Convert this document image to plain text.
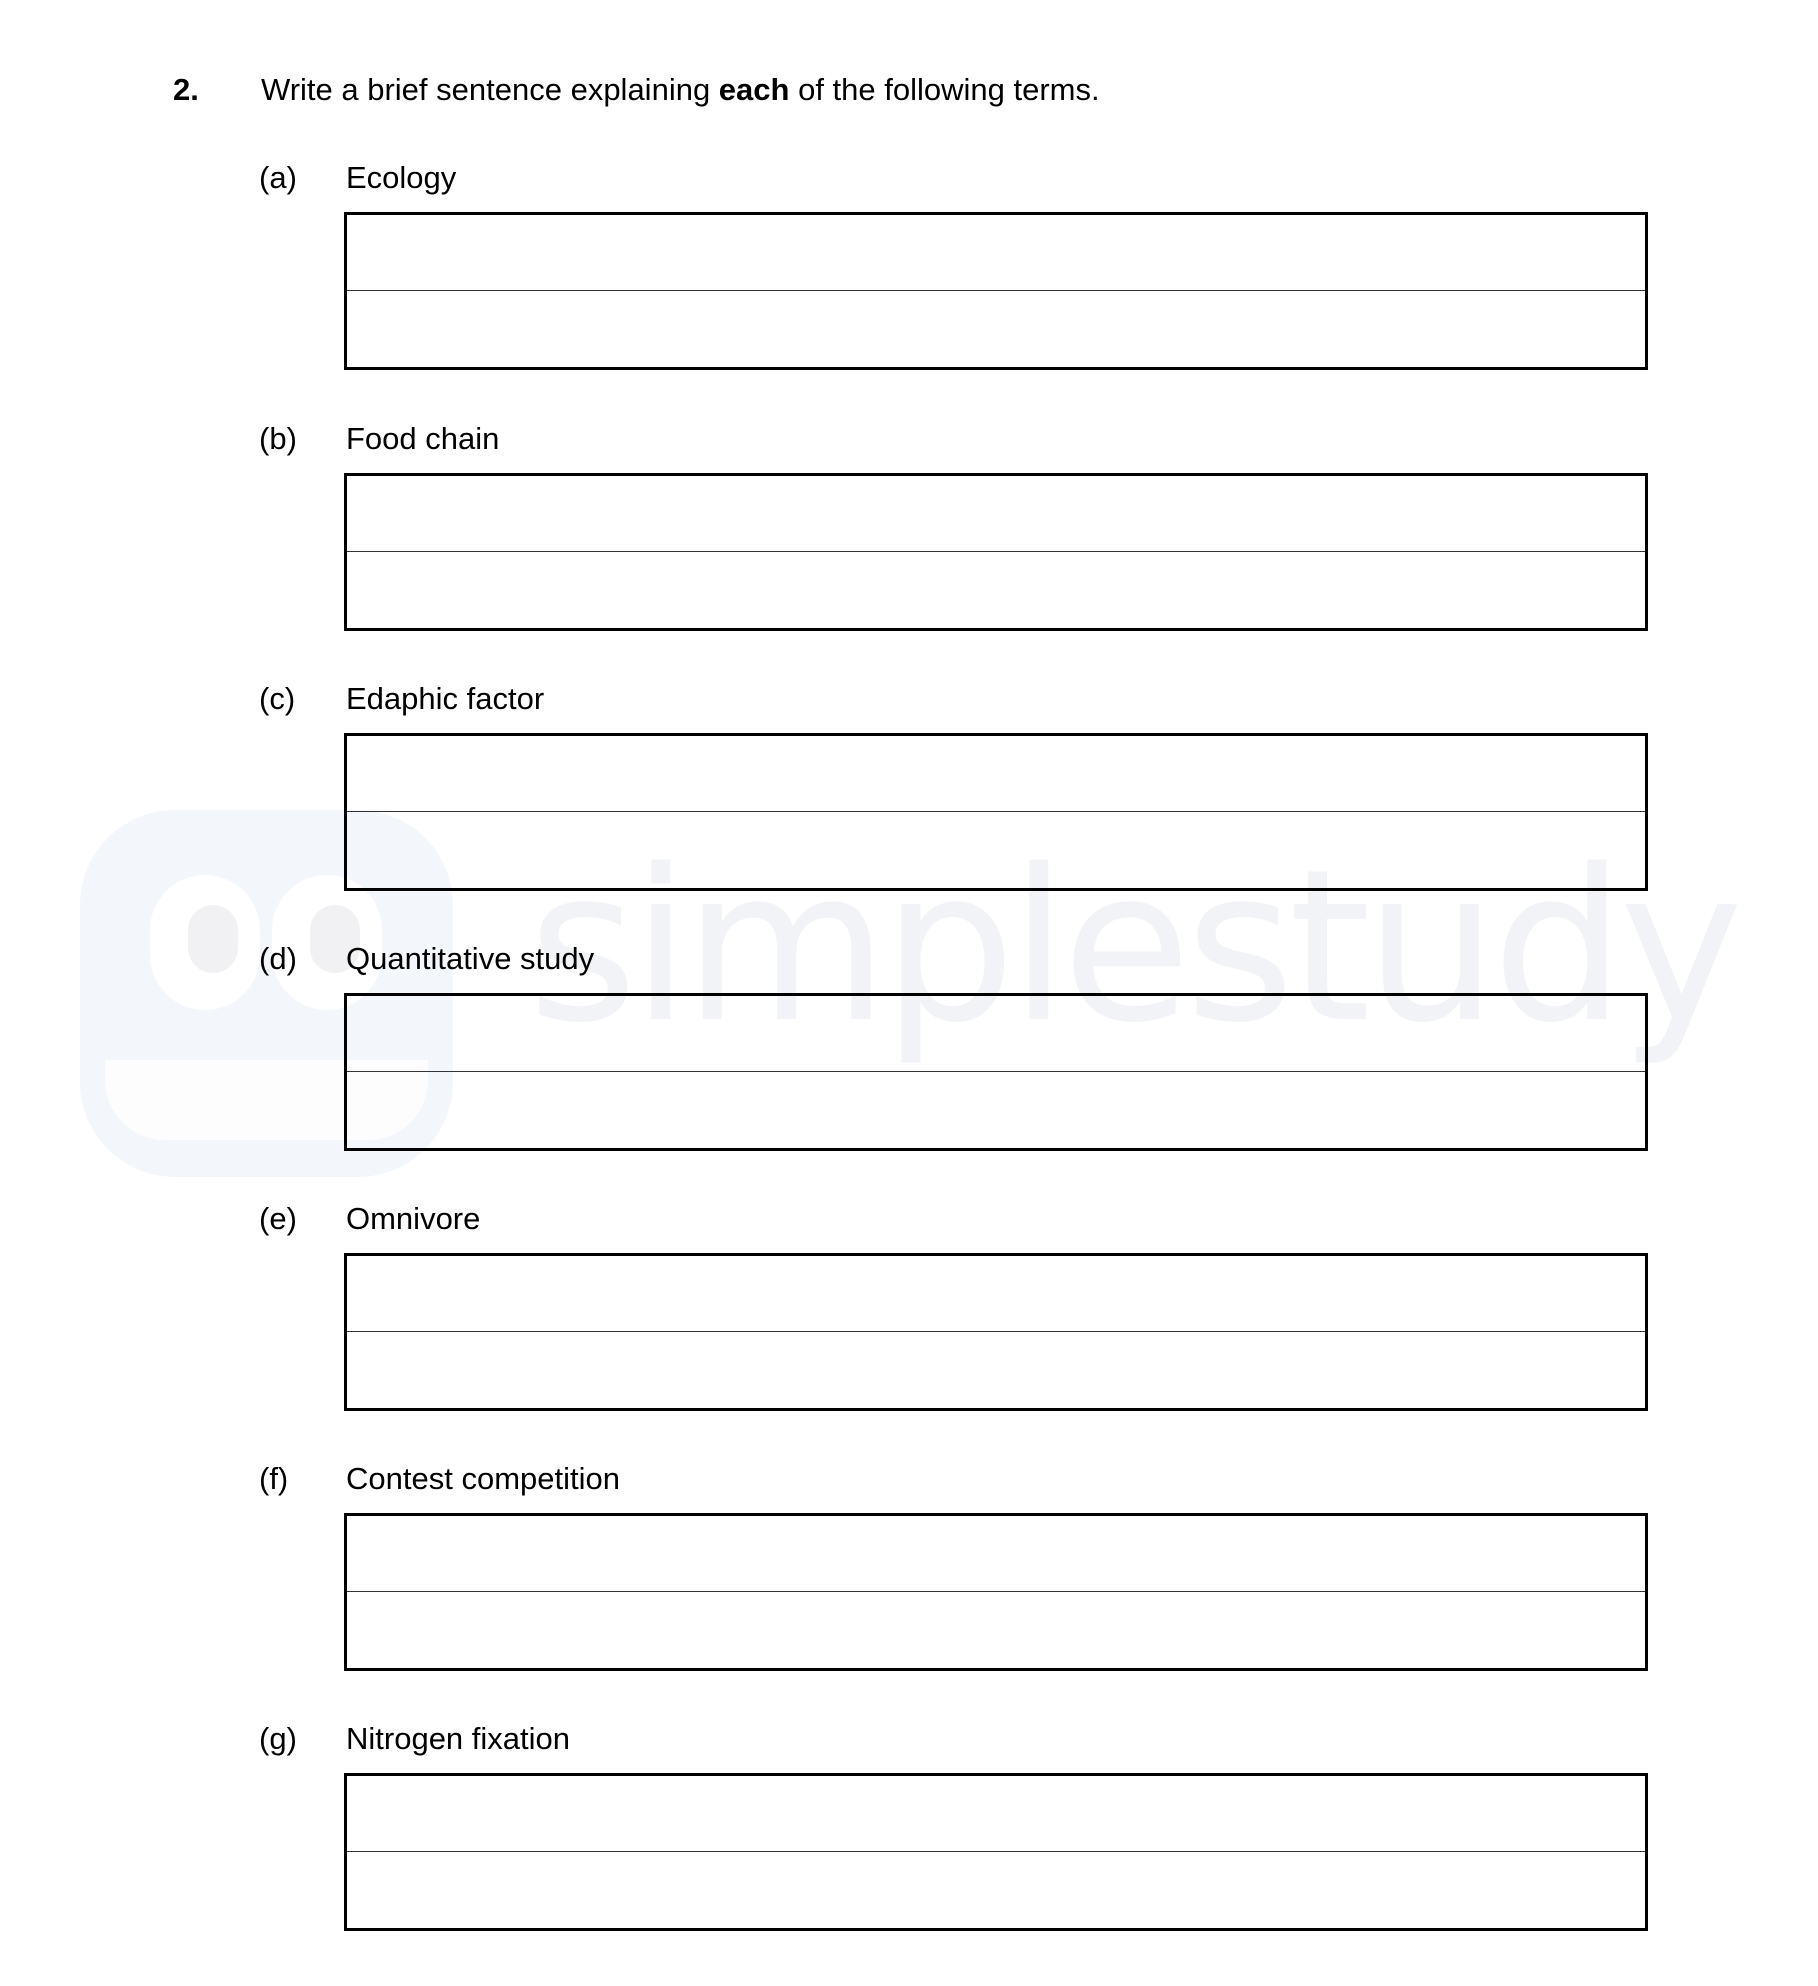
simplestudy
2. Write a brief sentence explaining each of the following terms.
(a) Ecology
(b) Food chain
(c) Edaphic factor
(d) Quantitative study
(e) Omnivore
(f) Contest competition
(g) Nitrogen fixation
